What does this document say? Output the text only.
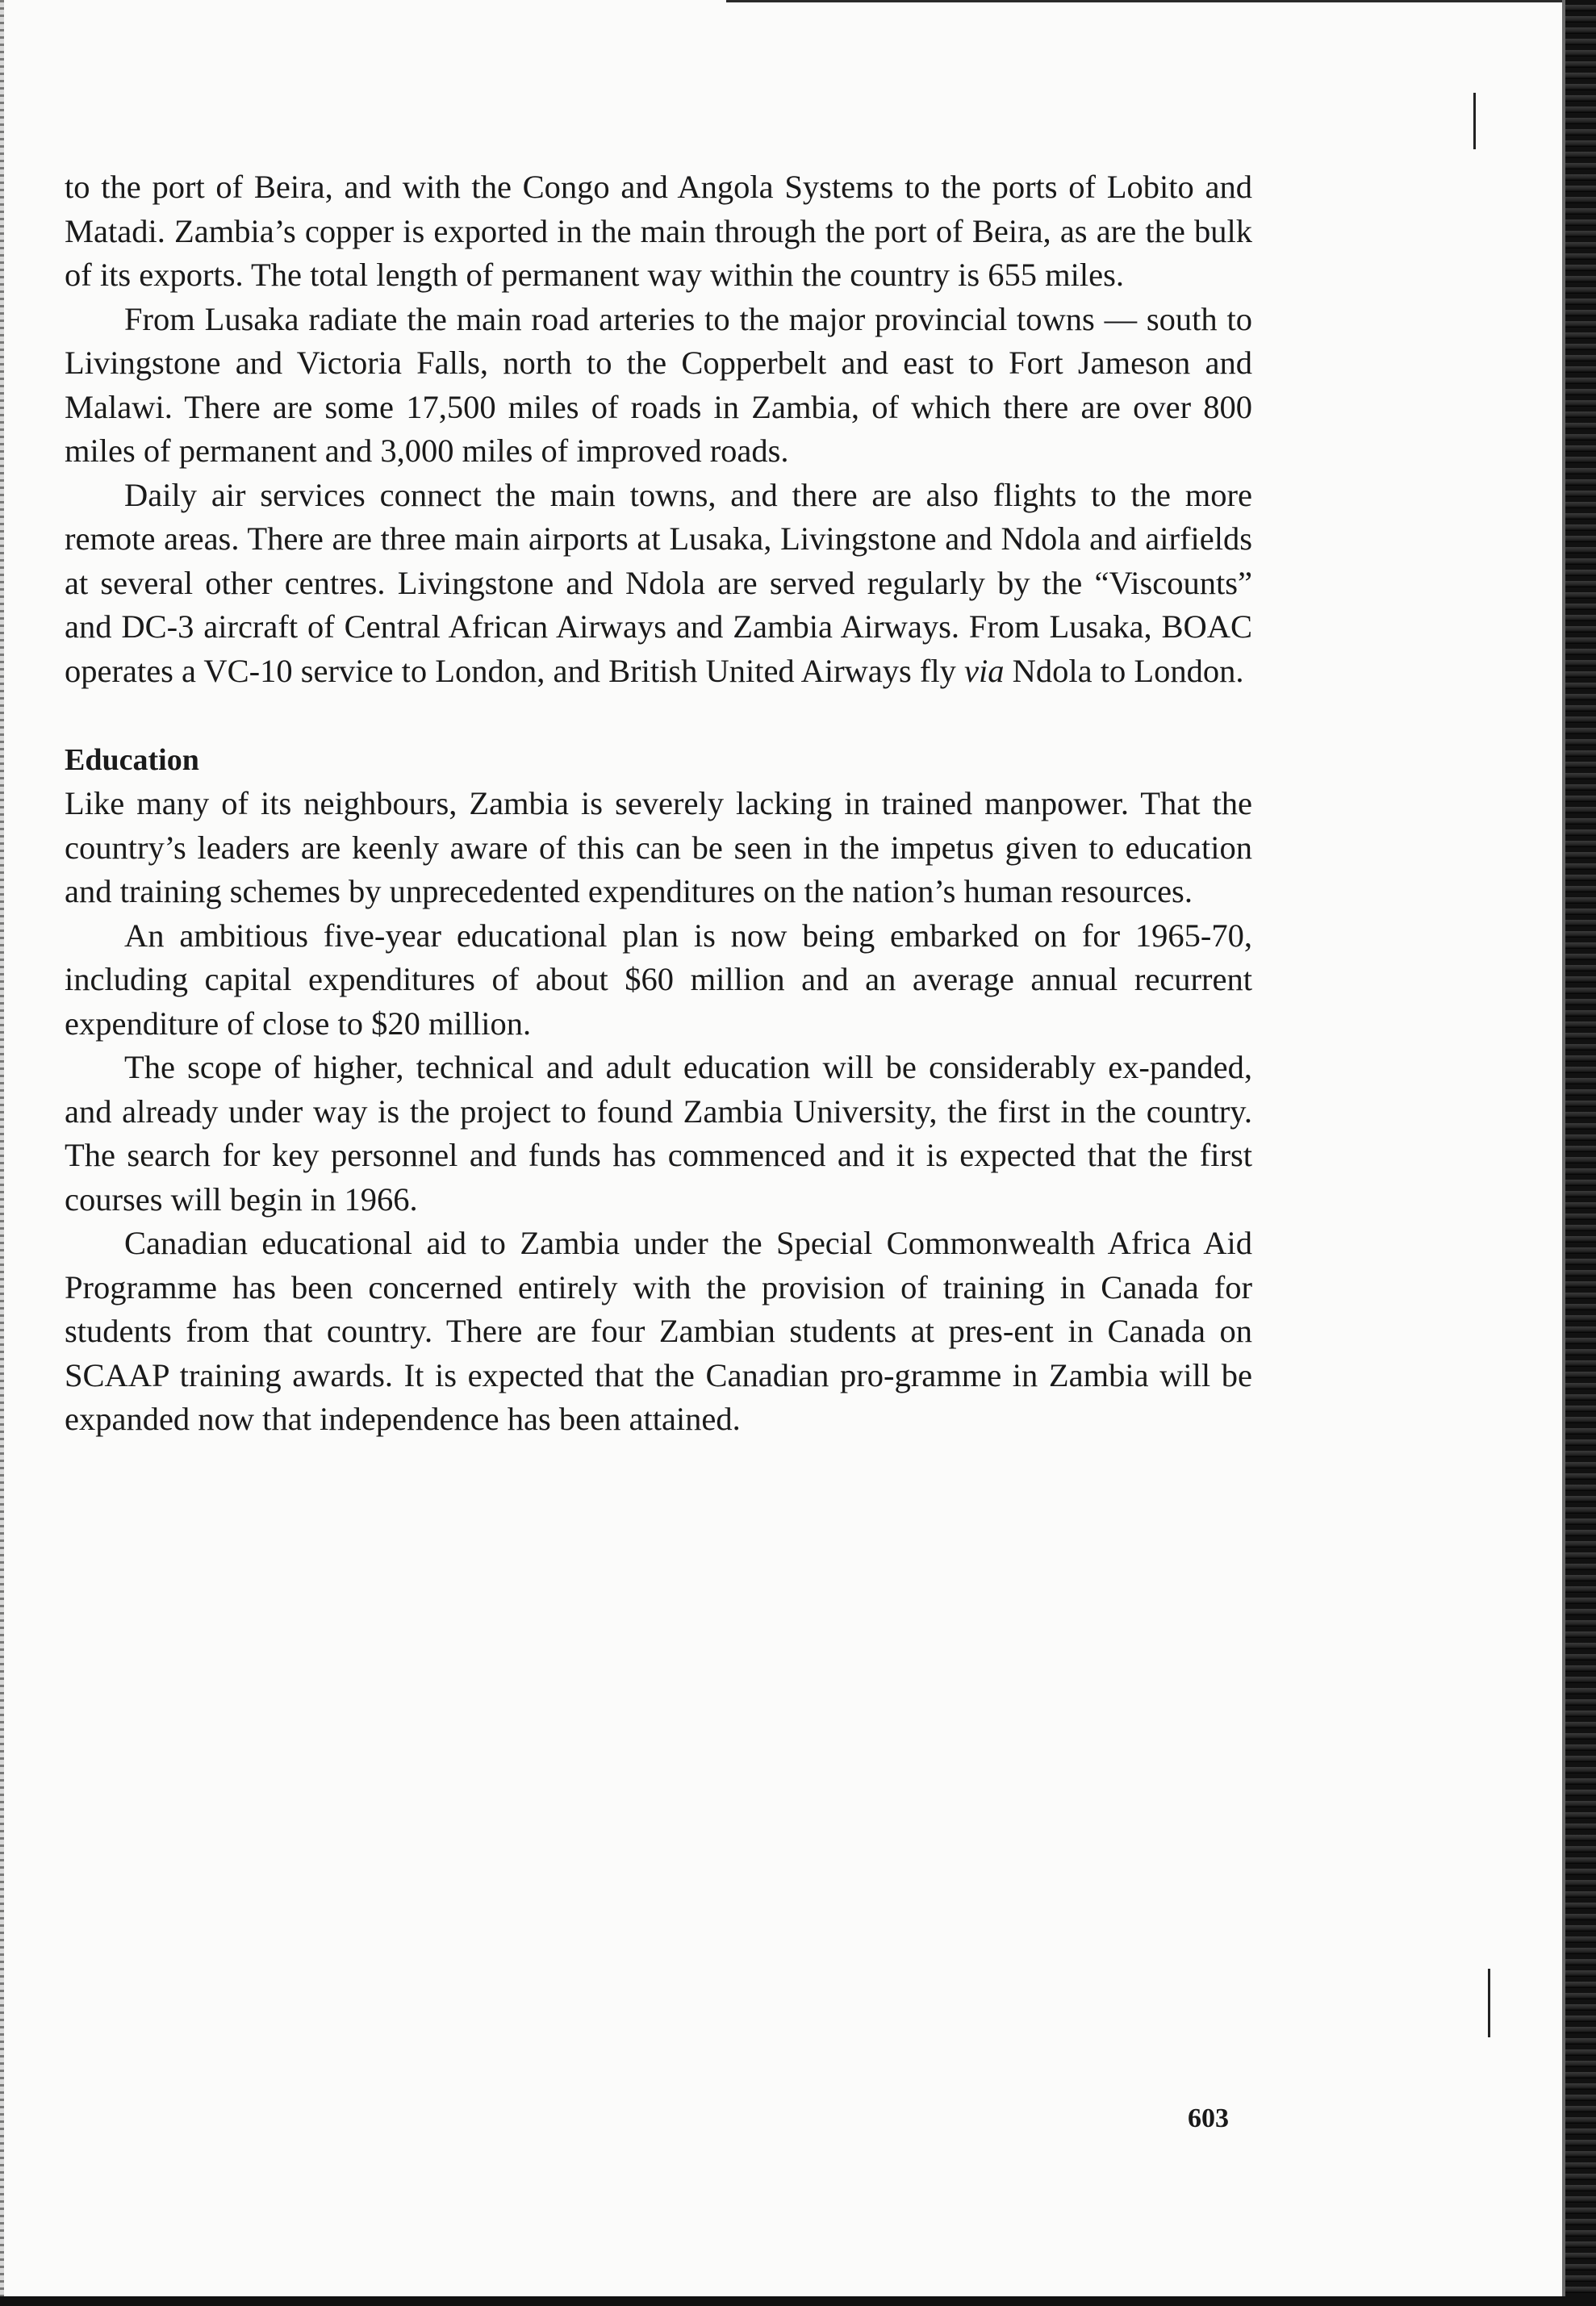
to the port of Beira, and with the Congo and Angola Systems to the ports of Lobito and Matadi. Zambia’s copper is exported in the main through the port of Beira, as are the bulk of its exports. The total length of permanent way within the country is 655 miles.

From Lusaka radiate the main road arteries to the major provincial towns — south to Livingstone and Victoria Falls, north to the Copperbelt and east to Fort Jameson and Malawi. There are some 17,500 miles of roads in Zambia, of which there are over 800 miles of permanent and 3,000 miles of improved roads.

Daily air services connect the main towns, and there are also flights to the more remote areas. There are three main airports at Lusaka, Livingstone and Ndola and airfields at several other centres. Livingstone and Ndola are served regularly by the “Viscounts” and DC-3 aircraft of Central African Airways and Zambia Airways. From Lusaka, BOAC operates a VC-10 service to London, and British United Airways fly via Ndola to London.

Education

Like many of its neighbours, Zambia is severely lacking in trained manpower. That the country’s leaders are keenly aware of this can be seen in the impetus given to education and training schemes by unprecedented expenditures on the nation’s human resources.

An ambitious five-year educational plan is now being embarked on for 1965-70, including capital expenditures of about $60 million and an average annual recurrent expenditure of close to $20 million.

The scope of higher, technical and adult education will be considerably ex-panded, and already under way is the project to found Zambia University, the first in the country. The search for key personnel and funds has commenced and it is expected that the first courses will begin in 1966.

Canadian educational aid to Zambia under the Special Commonwealth Africa Aid Programme has been concerned entirely with the provision of training in Canada for students from that country. There are four Zambian students at pres-ent in Canada on SCAAP training awards. It is expected that the Canadian pro-gramme in Zambia will be expanded now that independence has been attained.

603
